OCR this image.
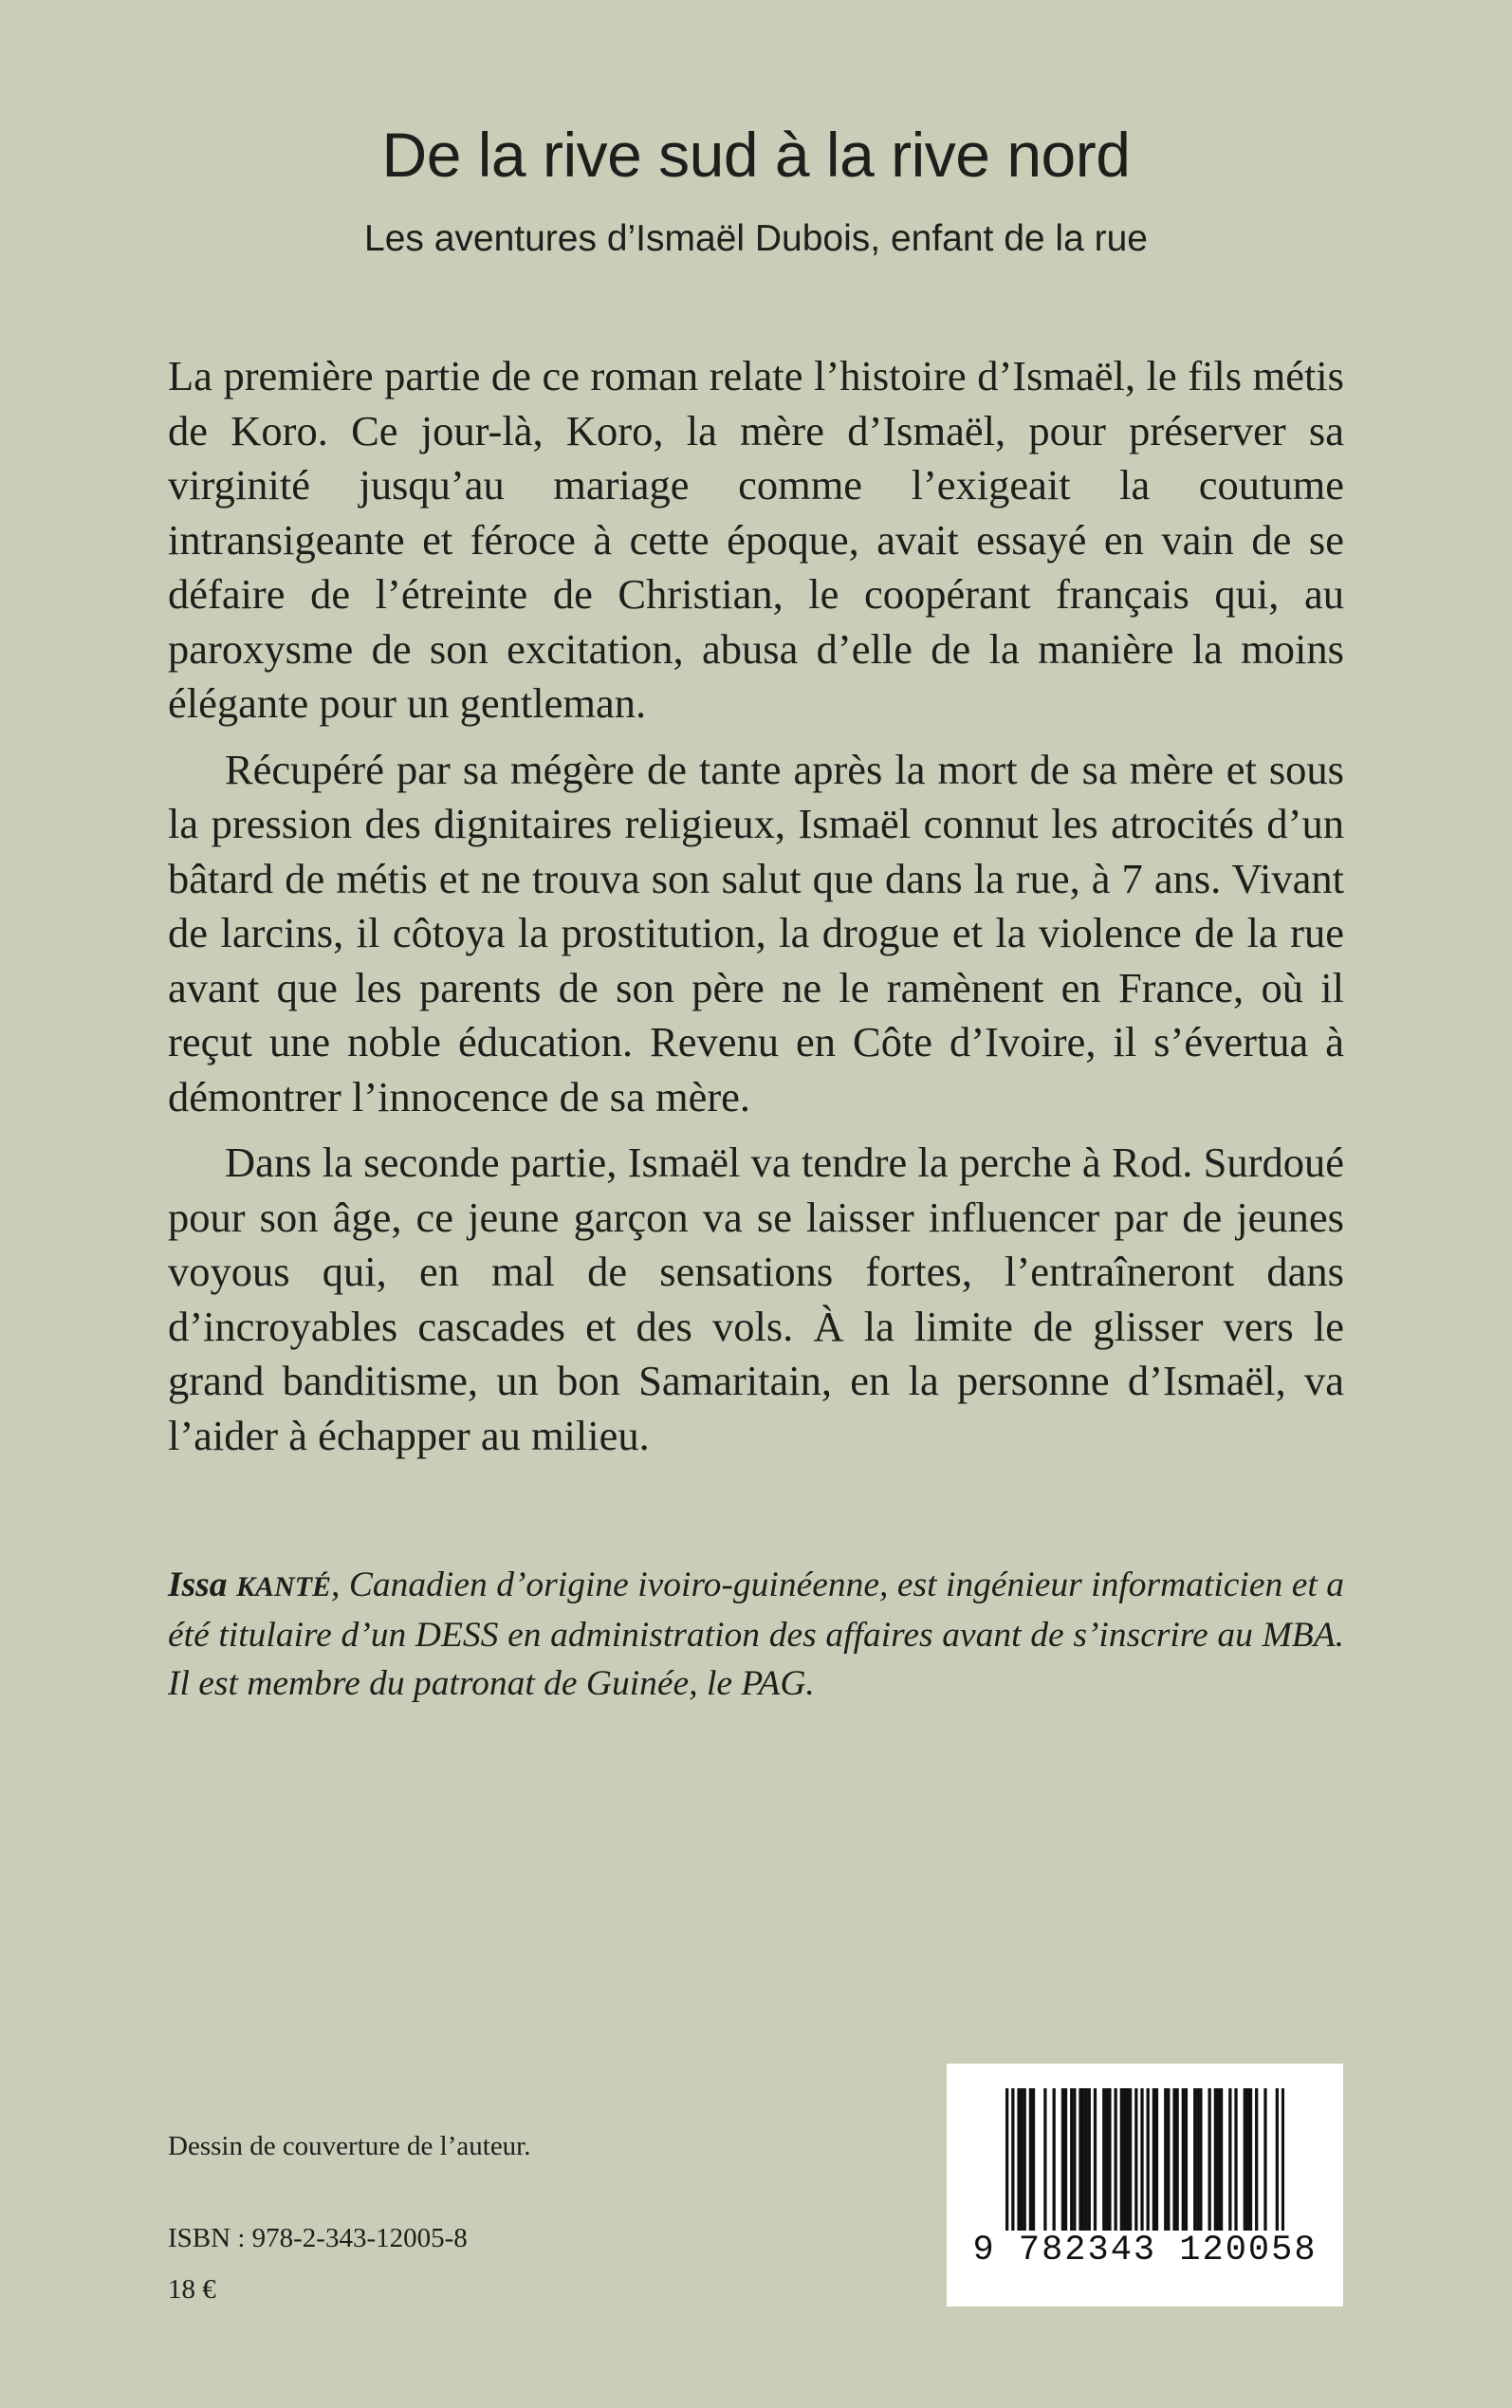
De la rive sud à la rive nord
Les aventures d’Ismaël Dubois, enfant de la rue

La première partie de ce roman relate l’histoire d’Ismaël, le fils métis de Koro. Ce jour-là, Koro, la mère d’Ismaël, pour préserver sa virginité jusqu’au mariage comme l’exigeait la coutume intransigeante et féroce à cette époque, avait essayé en vain de se défaire de l’étreinte de Christian, le coopérant français qui, au paroxysme de son excitation, abusa d’elle de la manière la moins élégante pour un gentleman.

Récupéré par sa mégère de tante après la mort de sa mère et sous la pression des dignitaires religieux, Ismaël connut les atrocités d’un bâtard de métis et ne trouva son salut que dans la rue, à 7 ans. Vivant de larcins, il côtoya la prostitution, la drogue et la violence de la rue avant que les parents de son père ne le ramènent en France, où il reçut une noble éducation. Revenu en Côte d’Ivoire, il s’évertua à démontrer l’innocence de sa mère.

Dans la seconde partie, Ismaël va tendre la perche à Rod. Surdoué pour son âge, ce jeune garçon va se laisser influencer par de jeunes voyous qui, en mal de sensations fortes, l’entraîneront dans d’incroyables cascades et des vols. À la limite de glisser vers le grand banditisme, un bon Samaritain, en la personne d’Ismaël, va l’aider à échapper au milieu.

Issa KANTÉ, Canadien d’origine ivoiro-guinéenne, est ingénieur informaticien et a été titulaire d’un DESS en administration des affaires avant de s’inscrire au MBA. Il est membre du patronat de Guinée, le PAG.

Dessin de couverture de l’auteur.

ISBN : 978-2-343-12005-8

18 €

9 782343 120058
